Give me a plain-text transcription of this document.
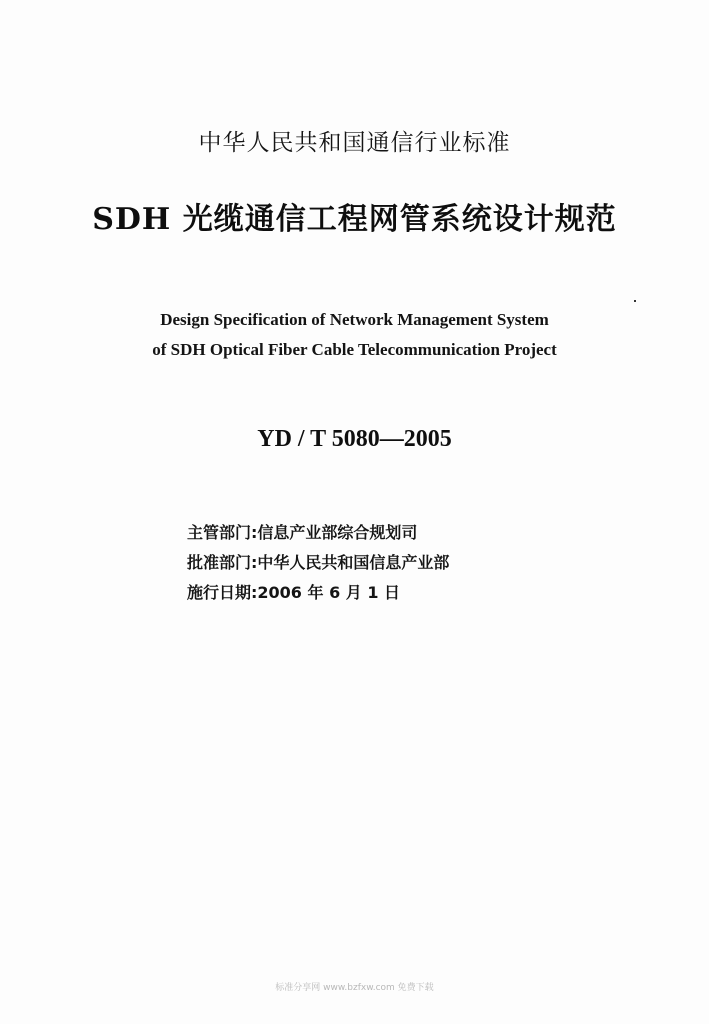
中华人民共和国通信行业标准
SDH 光缆通信工程网管系统设计规范
Design Specification of Network Management System
of SDH Optical Fiber Cable Telecommunication Project
YD / T 5080—2005
主管部门:信息产业部综合规划司
批准部门:中华人民共和国信息产业部
施行日期:2006 年 6 月 1 日
标准分享网 www.bzfxw.com 免费下载
